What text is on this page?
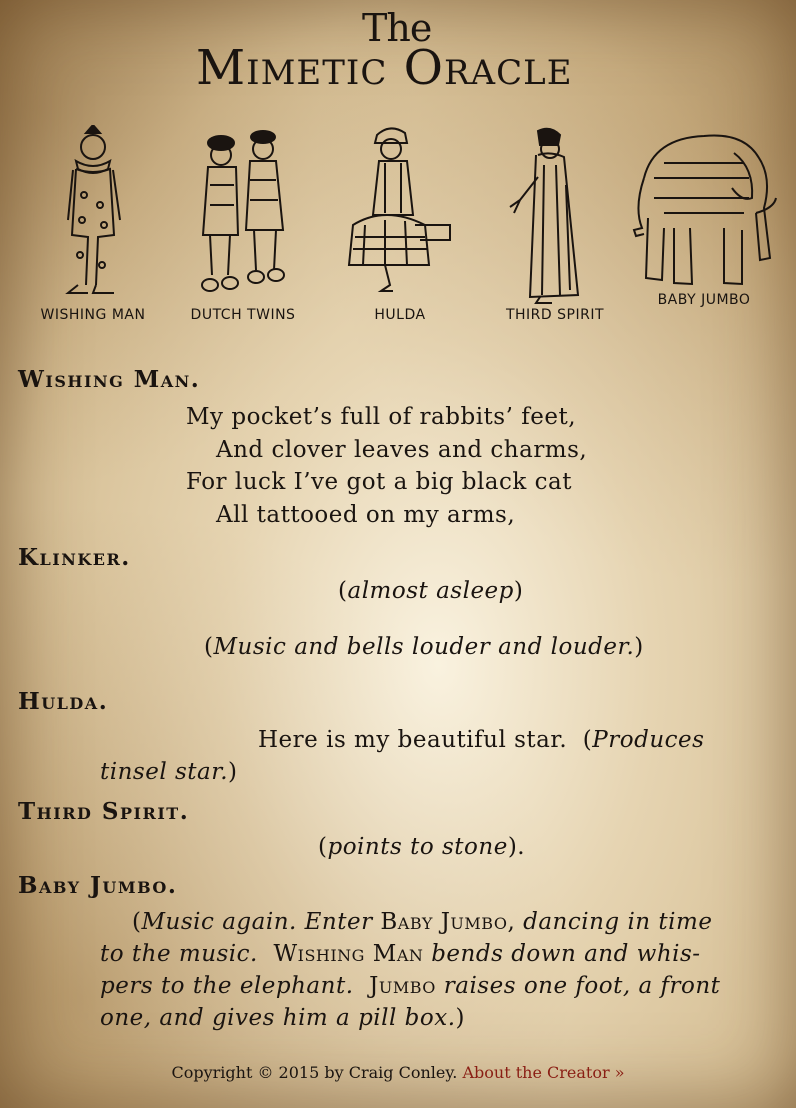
The
Mimetic Oracle
WISHING MAN	DUTCH TWINS	HULDA	THIRD SPIRIT
BABY JUMBO
Wishing Man.
My pocket’s full of rabbits’ feet,
And clover leaves and charms,
For luck I’ve got a big black cat
All tattooed on my arms,
Klinker.
(almost asleep)
(Music and bells louder and louder.)
Hulda.
Here is my beautiful star.  (Produces
tinsel star.)
Third Spirit.
(points to stone).
Baby Jumbo.
(Music again. Enter Baby Jumbo, dancing in time
to the music. Wishing Man bends down and whis-
pers to the elephant. Jumbo raises one foot, a front
one, and gives him a pill box.)
Copyright © 2015 by Craig Conley. About the Creator »
